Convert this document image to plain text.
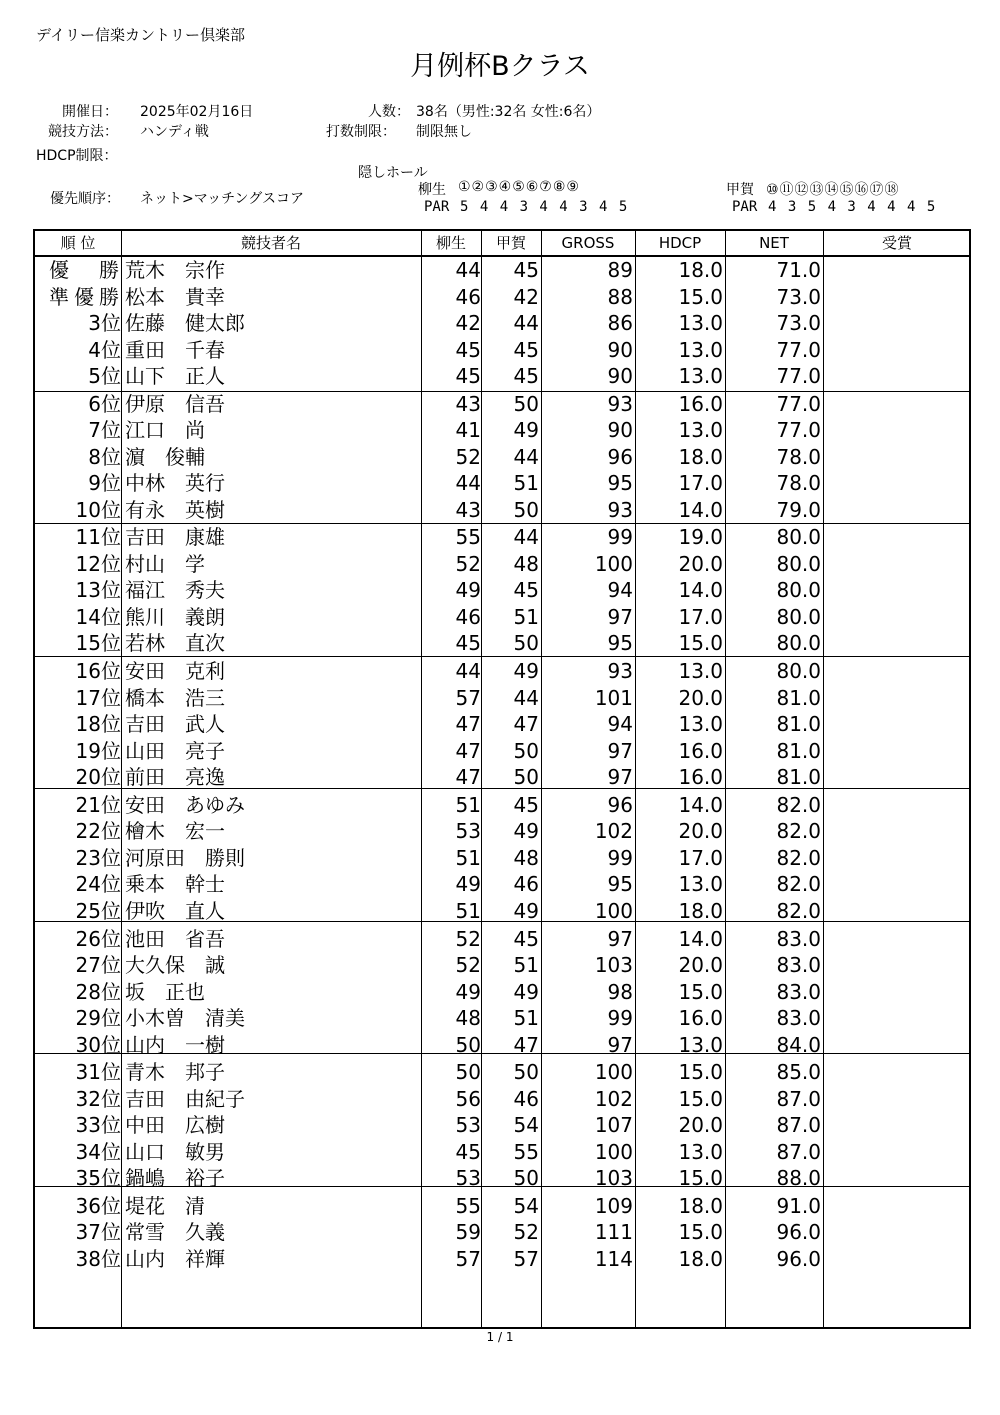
デイリー信楽カントリー倶楽部
月例杯Bクラス
開催日： 2025年02月16日
競技方法： ハンディ戦
HDCP制限：
人数： 38名（男性:32名 女性:6名）
打数制限： 制限無し
隠しホール
優先順序： ネット>マッチングスコア
柳生 ①②③④⑤⑥⑦⑧⑨
PAR 5 4 4 3 4 4 3 4 5
甲賀 ⑩⑪⑫⑬⑭⑮⑯⑰⑱
PAR 4 3 5 4 3 4 4 4 5
順 位	競技者名	柳生	甲賀	GROSS	HDCP	NET	受賞
優勝 荒木　宗作	44	45	89	18.0	71.0
準優勝 松本　貴幸	46	42	88	15.0	73.0
3位 佐藤　健太郎	42	44	86	13.0	73.0
4位 重田　千春	45	45	90	13.0	77.0
5位 山下　正人	45	45	90	13.0	77.0
6位 伊原　信吾	43	50	93	16.0	77.0
7位 江口　尚	41	49	90	13.0	77.0
8位 濵　俊輔	52	44	96	18.0	78.0
9位 中林　英行	44	51	95	17.0	78.0
10位 有永　英樹	43	50	93	14.0	79.0
11位 吉田　康雄	55	44	99	19.0	80.0
12位 村山　学	52	48	100	20.0	80.0
13位 福江　秀夫	49	45	94	14.0	80.0
14位 熊川　義朗	46	51	97	17.0	80.0
15位 若林　直次	45	50	95	15.0	80.0
16位 安田　克利	44	49	93	13.0	80.0
17位 橋本　浩三	57	44	101	20.0	81.0
18位 吉田　武人	47	47	94	13.0	81.0
19位 山田　亮子	47	50	97	16.0	81.0
20位 前田　亮逸	47	50	97	16.0	81.0
21位 安田　あゆみ	51	45	96	14.0	82.0
22位 檜木　宏一	53	49	102	20.0	82.0
23位 河原田　勝則	51	48	99	17.0	82.0
24位 乗本　幹士	49	46	95	13.0	82.0
25位 伊吹　直人	51	49	100	18.0	82.0
26位 池田　省吾	52	45	97	14.0	83.0
27位 大久保　誠	52	51	103	20.0	83.0
28位 坂　正也	49	49	98	15.0	83.0
29位 小木曽　清美	48	51	99	16.0	83.0
30位 山内　一樹	50	47	97	13.0	84.0
31位 青木　邦子	50	50	100	15.0	85.0
32位 吉田　由紀子	56	46	102	15.0	87.0
33位 中田　広樹	53	54	107	20.0	87.0
34位 山口　敏男	45	55	100	13.0	87.0
35位 鍋嶋　裕子	53	50	103	15.0	88.0
36位 堤花　清	55	54	109	18.0	91.0
37位 常雪　久義	59	52	111	15.0	96.0
38位 山内　祥輝	57	57	114	18.0	96.0
1 / 1
